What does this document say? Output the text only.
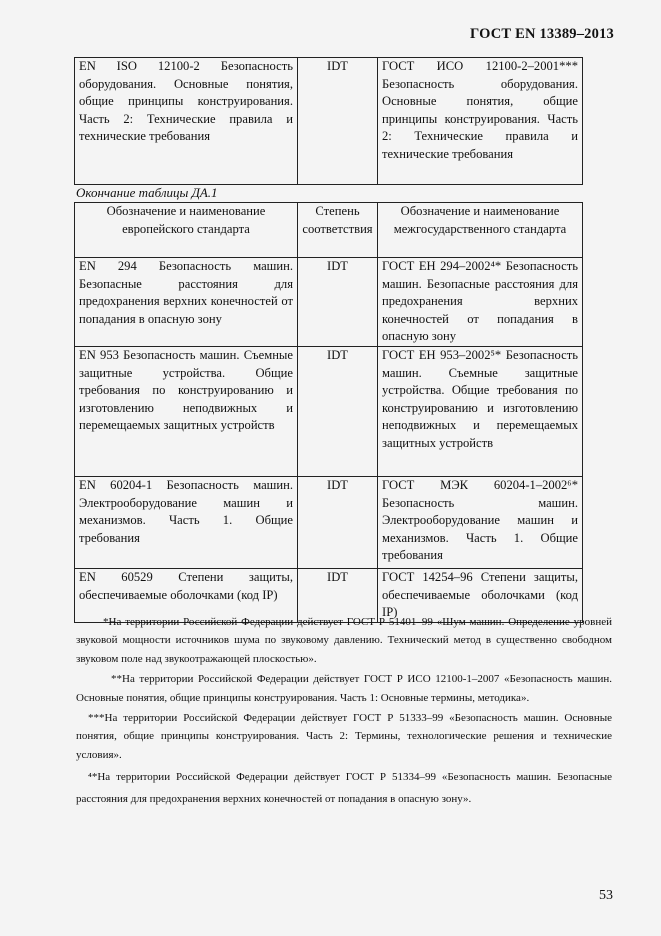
ГОСТ EN 13389–2013
EN ISO 12100-2 Безопасность оборудования. Основные понятия, общие принципы конструирования. Часть 2: Технические правила и технические требования	IDT	ГОСТ ИСО 12100-2–2001*** Безопасность оборудования. Основные понятия, общие принципы конструирования. Часть 2: Технические правила и технические требования
Окончание таблицы ДА.1
Обозначение и наименование европейского стандарта	Степень соответствия	Обозначение и наименование межгосударственного стандарта
EN 294 Безопасность машин. Безопасные расстояния для предохранения верхних конечностей от попадания в опасную зону	IDT	ГОСТ ЕН 294–2002⁴* Безопасность машин. Безопасные расстояния для предохранения верхних конечностей от попадания в опасную зону
EN 953 Безопасность машин. Съемные защитные устройства. Общие требования по конструированию и изготовлению неподвижных и перемещаемых защитных устройств	IDT	ГОСТ ЕН 953–2002⁵* Безопасность машин. Съемные защитные устройства. Общие требования по конструированию и изготовлению неподвижных и перемещаемых защитных устройств
EN 60204-1 Безопасность машин. Электрооборудование машин и механизмов. Часть 1. Общие требования	IDT	ГОСТ МЭК 60204-1–2002⁶* Безопасность машин. Электрооборудование машин и механизмов. Часть 1. Общие требования
EN 60529 Степени защиты, обеспечиваемые оболочками (код IP)	IDT	ГОСТ 14254–96 Степени защиты, обеспечиваемые оболочками (код IP)

*На территории Российской Федерации действует ГОСТ Р 51401–99 «Шум машин. Определение уровней звуковой мощности источников шума по звуковому давлению. Технический метод в существенно свободном звуковом поле над звукоотражающей плоскостью».

**На территории Российской Федерации действует ГОСТ Р ИСО 12100-1–2007 «Безопасность машин. Основные понятия, общие принципы конструирования. Часть 1: Основные термины, методика».

***На территории Российской Федерации действует ГОСТ Р 51333–99 «Безопасность машин. Основные понятия, общие принципы конструирования. Часть 2: Термины, технологические решения и технические условия».

⁴*На территории Российской Федерации действует ГОСТ Р 51334–99 «Безопасность машин. Безопасные расстояния для предохранения верхних конечностей от попадания в опасную зону».

53
